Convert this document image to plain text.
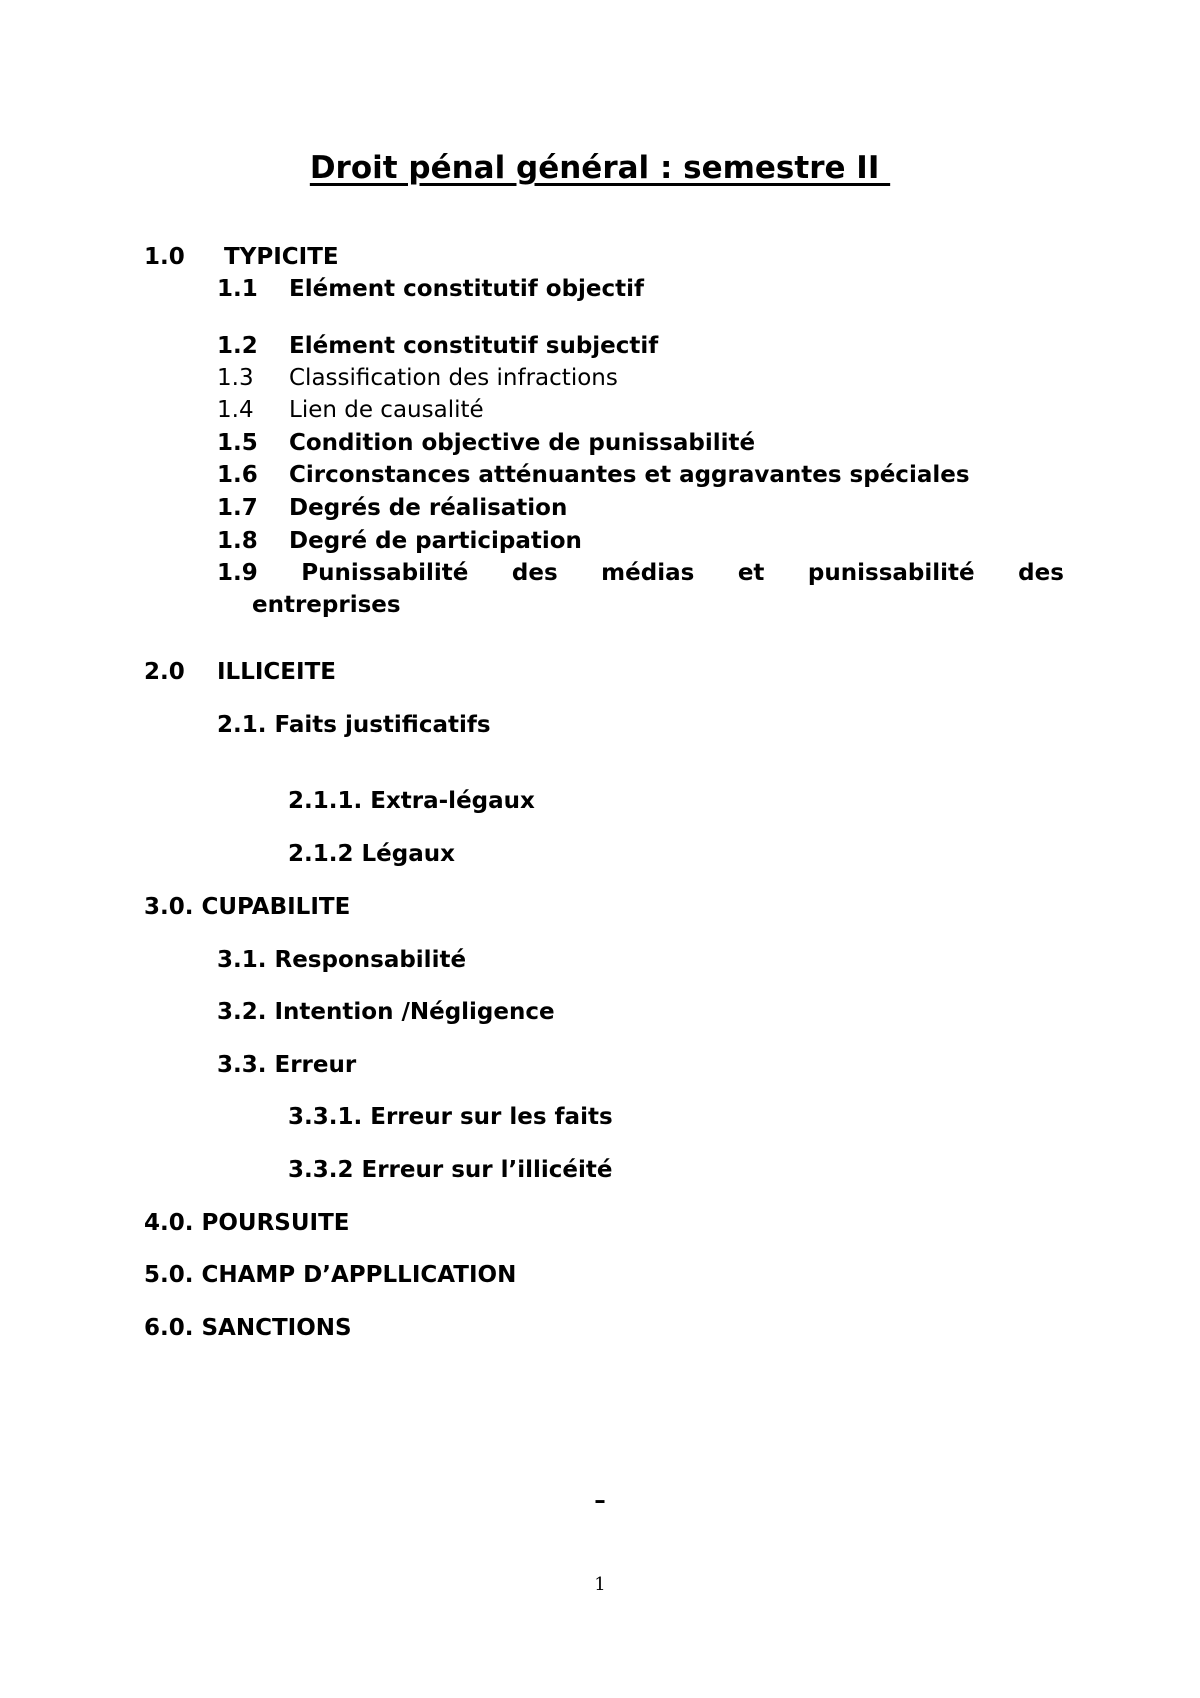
Droit pénal général : semestre II
1.0 TYPICITE
1.1 Elément constitutif objectif
1.2 Elément constitutif subjectif
1.3 Classification des infractions
1.4 Lien de causalité
1.5 Condition objective de punissabilité
1.6 Circonstances atténuantes et aggravantes spéciales
1.7 Degrés de réalisation
1.8 Degré de participation
1.9 Punissabilité des médias et punissabilité des
entreprises
2.0 ILLICEITE
2.1. Faits justificatifs
2.1.1. Extra-légaux
2.1.2 Légaux
3.0. CUPABILITE
3.1. Responsabilité
3.2. Intention /Négligence
3.3. Erreur
3.3.1. Erreur sur les faits
3.3.2 Erreur sur l’illicéité
4.0. POURSUITE
5.0. CHAMP D’APPLLICATION
6.0. SANCTIONS
–
1
